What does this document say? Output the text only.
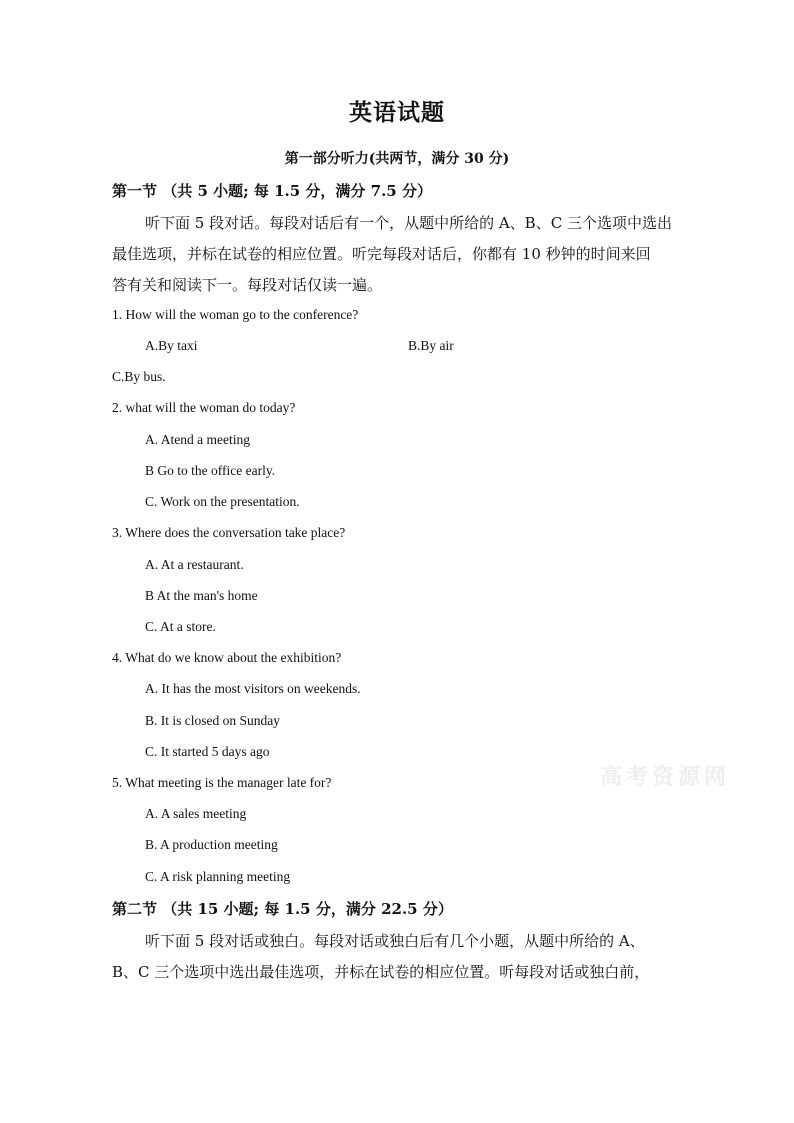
英语试题
第一部分听力(共两节，满分 30 分)
第一节 （共 5 小题; 每 1.5 分，满分 7.5 分）
听下面 5 段对话。每段对话后有一个，从题中所给的 A、B、C 三个选项中选出
最佳选项，并标在试卷的相应位置。听完每段对话后，你都有 10 秒钟的时间来回
答有关和阅读下一。每段对话仅读一遍。
1. How will the woman go to the conference?
A.By taxi	B.By air
C.By bus.
2. what will the woman do today?
A. Atend a meeting
B Go to the office early.
C. Work on the presentation.
3. Where does the conversation take place?
A. At a restaurant.
B At the man's home
C. At a store.
4. What do we know about the exhibition?
A. It has the most visitors on weekends.
B. It is closed on Sunday
C. It started 5 days ago
5. What meeting is the manager late for?
A. A sales meeting
B. A production meeting
C. A risk planning meeting
第二节 （共 15 小题; 每 1.5 分，满分 22.5 分）
听下面 5 段对话或独白。每段对话或独白后有几个小题，从题中所给的 A、
B、C 三个选项中选出最佳选项，并标在试卷的相应位置。听每段对话或独白前，
高考资源网
